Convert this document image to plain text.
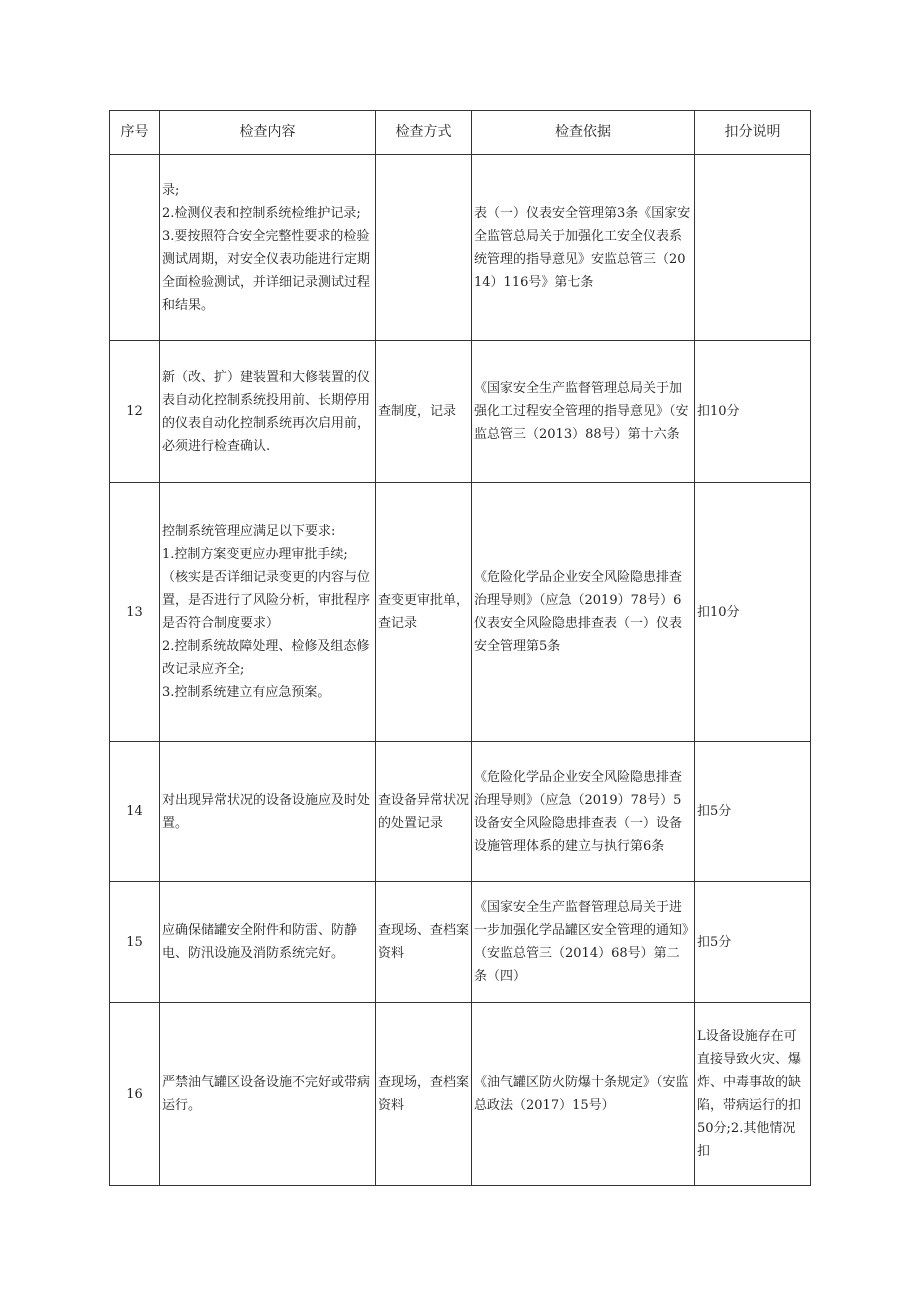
序号	检查内容	检查方式	检查依据	扣分说明

	录;
2.检测仪表和控制系统检维护记录;
3.要按照符合安全完整性要求的检验测试周期，对安全仪表功能进行定期全面检验测试，并详细记录测试过程和结果。		表（一）仪表安全管理第3条《国家安全监管总局关于加强化工安全仪表系统管理的指导意见》安监总管三（2014）116号》第七条	
12	新（改、扩）建装置和大修装置的仪表自动化控制系统投用前、长期停用的仪表自动化控制系统再次启用前，必须进行检查确认.	查制度，记录	《国家安全生产监督管理总局关于加强化工过程安全管理的指导意见》（安监总管三（2013）88号）第十六条	扣10分
13	控制系统管理应满足以下要求:
1.控制方案变更应办理审批手续;（核实是否详细记录变更的内容与位置，是否进行了风险分析，审批程序是否符合制度要求）
2.控制系统故障处理、检修及组态修改记录应齐全;
3.控制系统建立有应急预案。	查变更审批单，查记录	《危险化学品企业安全风险隐患排查治理导则》（应急（2019）78号）6仪表安全风险隐患排查表（一）仪表安全管理第5条	扣10分
14	对出现异常状况的设备设施应及时处置。	查设备异常状况的处置记录	《危险化学品企业安全风险隐患排查治理导则》（应急（2019）78号）5设备安全风险隐患排查表（一）设备设施管理体系的建立与执行第6条	扣5分
15	应确保储罐安全附件和防雷、防静电、防汛设施及消防系统完好。	查现场、查档案资料	《国家安全生产监督管理总局关于进一步加强化学品罐区安全管理的通知》（安监总管三（2014）68号）第二条（四）	扣5分
16	严禁油气罐区设备设施不完好或带病运行。	查现场，查档案资料	《油气罐区防火防爆十条规定》（安监总政法（2017）15号）	L设备设施存在可直接导致火灾、爆炸、中毒事故的缺陷，带病运行的扣50分;2.其他情况扣
